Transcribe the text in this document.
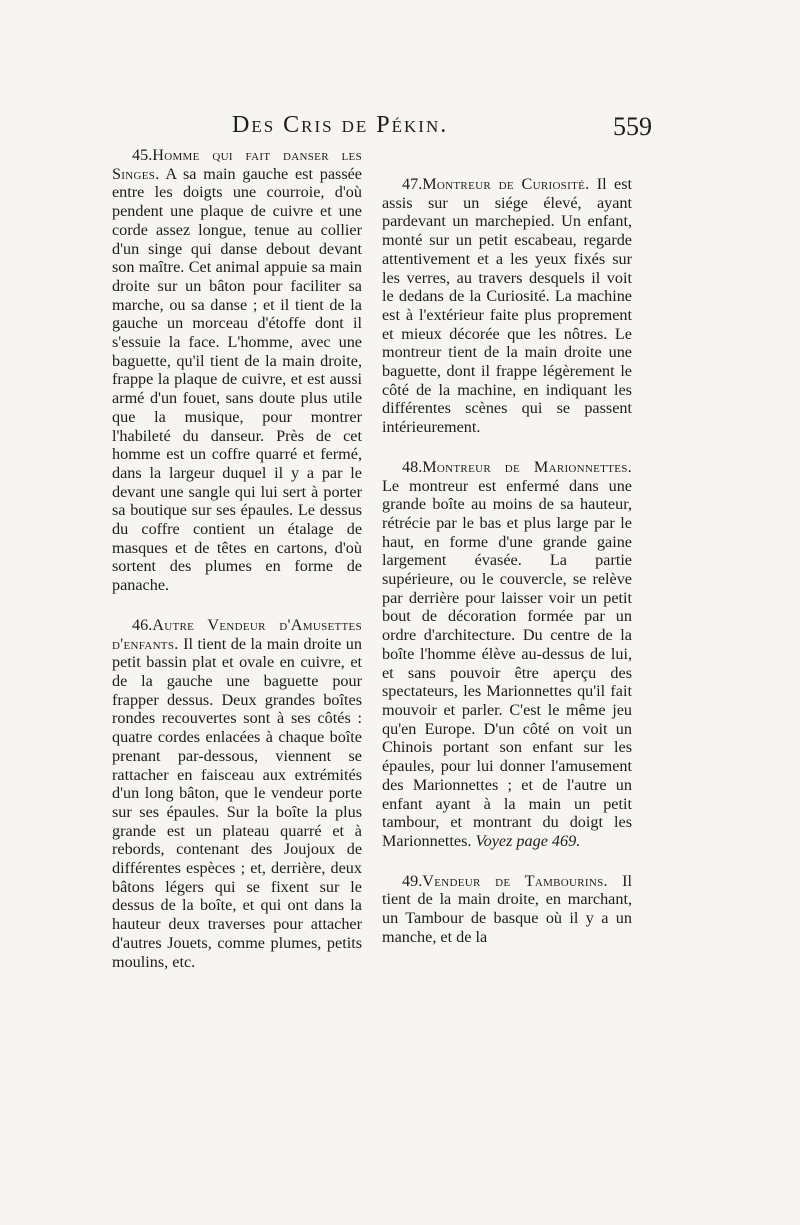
Des Cris de Pékin.	559

45.Homme qui fait danser les Singes. A sa main gauche est passée entre les doigts une courroie, d'où pendent une plaque de cuivre et une corde assez longue, tenue au collier d'un singe qui danse debout devant son maître. Cet animal appuie sa main droite sur un bâton pour faciliter sa marche, ou sa danse ; et il tient de la gauche un morceau d'étoffe dont il s'essuie la face. L'homme, avec une baguette, qu'il tient de la main droite, frappe la plaque de cuivre, et est aussi armé d'un fouet, sans doute plus utile que la musique, pour montrer l'habileté du danseur. Près de cet homme est un coffre quarré et fermé, dans la largeur duquel il y a par le devant une sangle qui lui sert à porter sa boutique sur ses épaules. Le dessus du coffre contient un étalage de masques et de têtes en cartons, d'où sortent des plumes en forme de panache.

46.Autre Vendeur d'Amusettes d'enfants. Il tient de la main droite un petit bassin plat et ovale en cuivre, et de la gauche une baguette pour frapper dessus. Deux grandes boîtes rondes recouvertes sont à ses côtés : quatre cordes enlacées à chaque boîte prenant par-dessous, viennent se rattacher en faisceau aux extrémités d'un long bâton, que le vendeur porte sur ses épaules. Sur la boîte la plus grande est un plateau quarré et à rebords, contenant des Joujoux de différentes espèces ; et, derrière, deux bâtons légers qui se fixent sur le dessus de la boîte, et qui ont dans la hauteur deux traverses pour attacher d'autres Jouets, comme plumes, petits moulins, etc.

47.Montreur de Curiosité. Il est assis sur un siége élevé, ayant pardevant un marchepied. Un enfant, monté sur un petit escabeau, regarde attentivement et a les yeux fixés sur les verres, au travers desquels il voit le dedans de la Curiosité. La machine est à l'extérieur faite plus proprement et mieux décorée que les nôtres. Le montreur tient de la main droite une baguette, dont il frappe légèrement le côté de la machine, en indiquant les différentes scènes qui se passent intérieurement.

48.Montreur de Marionnettes. Le montreur est enfermé dans une grande boîte au moins de sa hauteur, rétrécie par le bas et plus large par le haut, en forme d'une grande gaine largement évasée. La partie supérieure, ou le couvercle, se relève par derrière pour laisser voir un petit bout de décoration formée par un ordre d'architecture. Du centre de la boîte l'homme élève au-dessus de lui, et sans pouvoir être aperçu des spectateurs, les Marionnettes qu'il fait mouvoir et parler. C'est le même jeu qu'en Europe. D'un côté on voit un Chinois portant son enfant sur les épaules, pour lui donner l'amusement des Marionnettes ; et de l'autre un enfant ayant à la main un petit tambour, et montrant du doigt les Marionnettes. Voyez page 469.

49.Vendeur de Tambourins. Il tient de la main droite, en marchant, un Tambour de basque où il y a un manche, et de la
